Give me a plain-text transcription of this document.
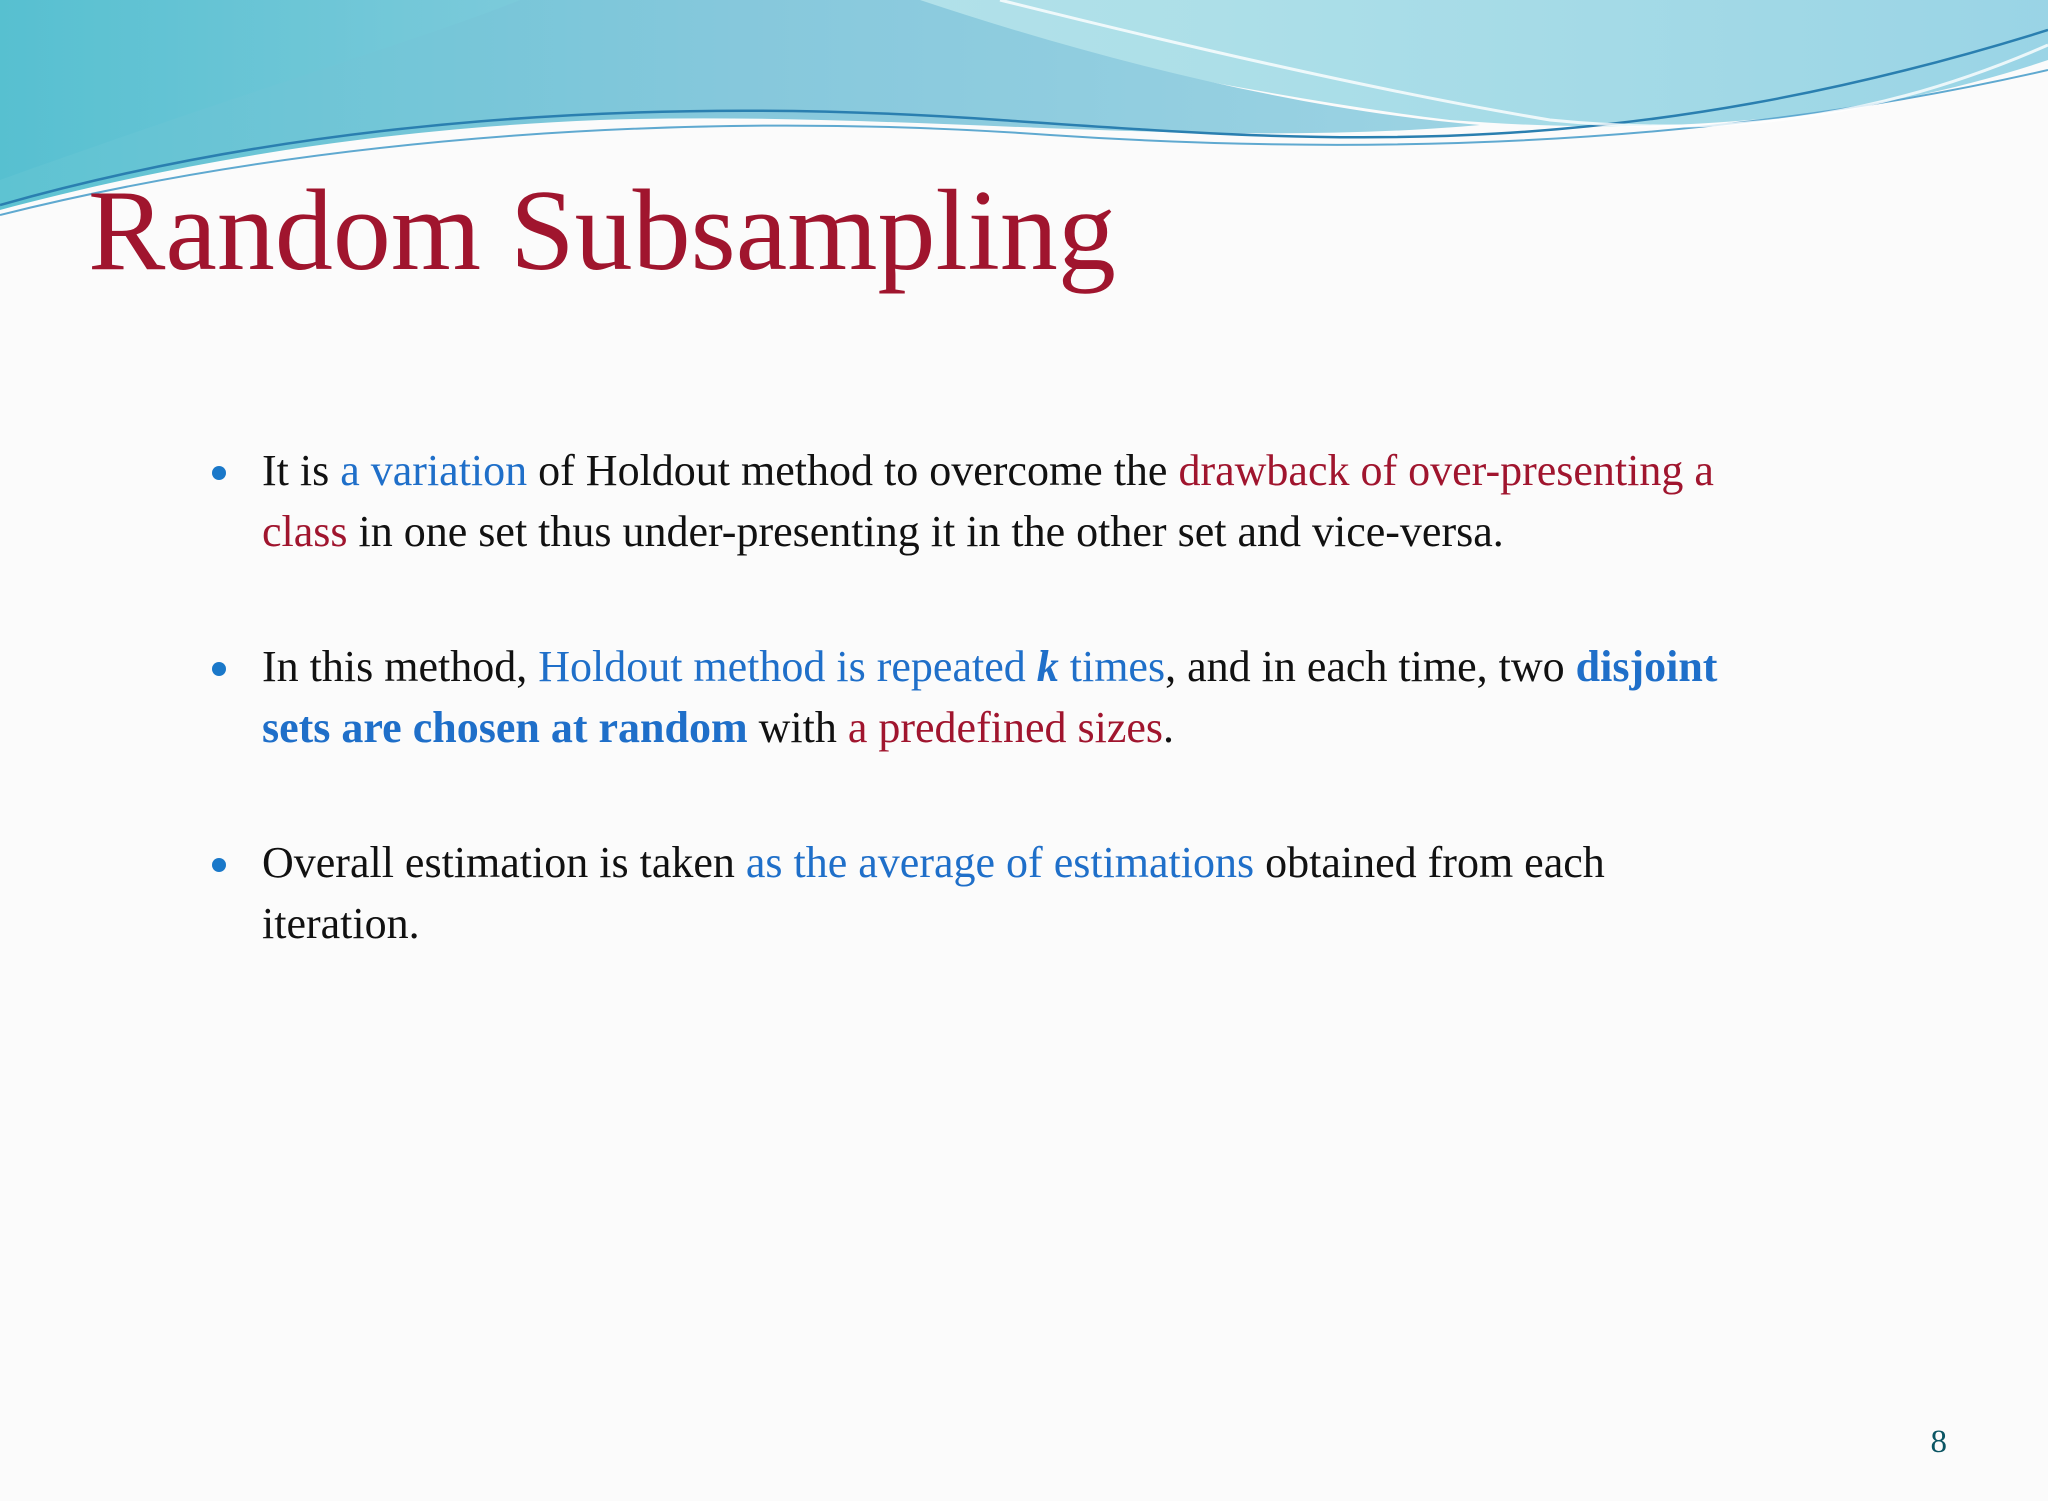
Random Subsampling
It is a variation of Holdout method to overcome the drawback of over-presenting a class in one set thus under-presenting it in the other set and vice-versa.
In this method, Holdout method is repeated k times, and in each time, two disjoint sets are chosen at random with a predefined sizes.
Overall estimation is taken as the average of estimations obtained from each iteration.
8
